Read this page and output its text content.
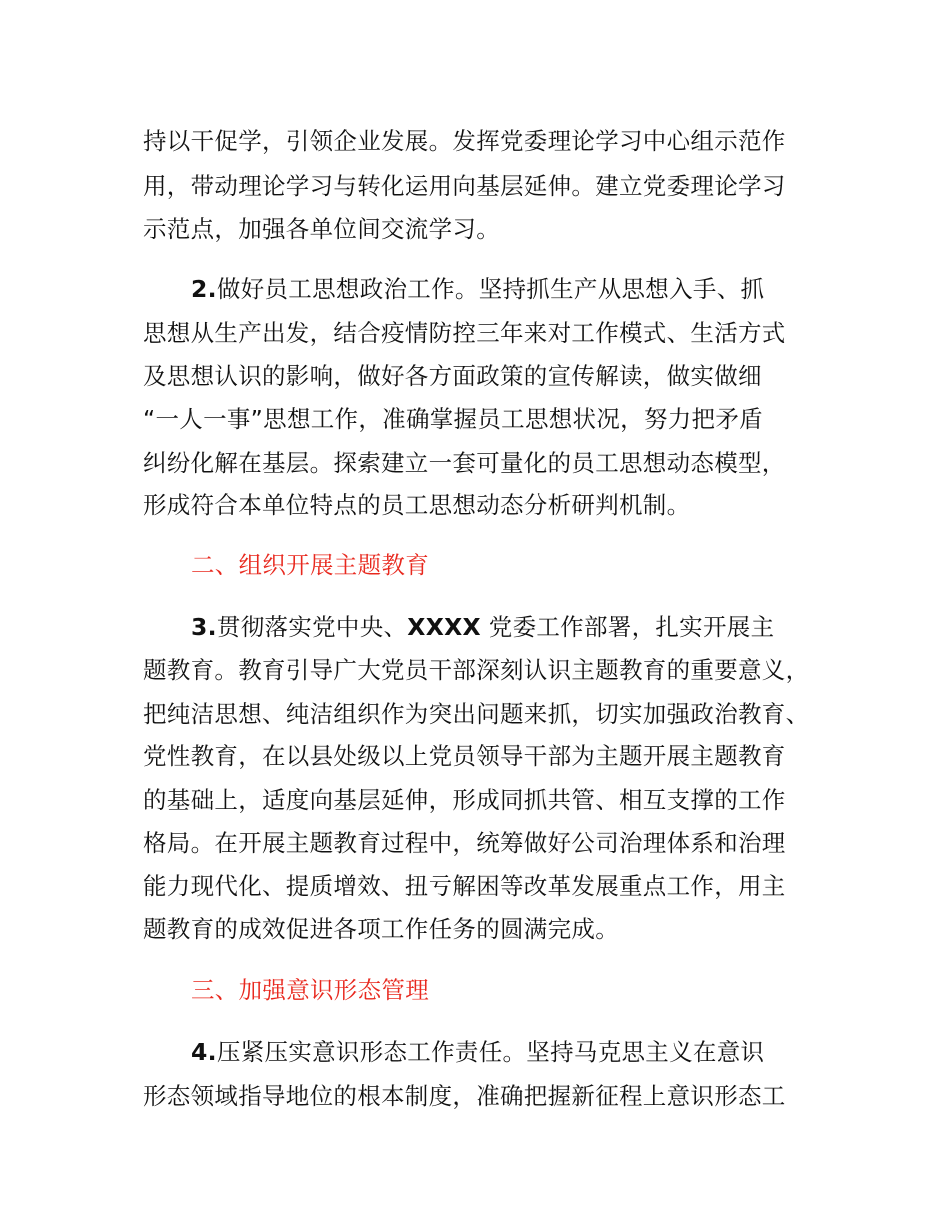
持以干促学，引领企业发展。发挥党委理论学习中心组示范作
用，带动理论学习与转化运用向基层延伸。建立党委理论学习
示范点，加强各单位间交流学习。
2.做好员工思想政治工作。坚持抓生产从思想入手、抓
思想从生产出发，结合疫情防控三年来对工作模式、生活方式
及思想认识的影响，做好各方面政策的宣传解读，做实做细
“一人一事”思想工作，准确掌握员工思想状况，努力把矛盾
纠纷化解在基层。探索建立一套可量化的员工思想动态模型，
形成符合本单位特点的员工思想动态分析研判机制。
二、组织开展主题教育
3.贯彻落实党中央、XXXX 党委工作部署，扎实开展主
题教育。教育引导广大党员干部深刻认识主题教育的重要意义，
把纯洁思想、纯洁组织作为突出问题来抓，切实加强政治教育、
党性教育，在以县处级以上党员领导干部为主题开展主题教育
的基础上，适度向基层延伸，形成同抓共管、相互支撑的工作
格局。在开展主题教育过程中，统筹做好公司治理体系和治理
能力现代化、提质增效、扭亏解困等改革发展重点工作，用主
题教育的成效促进各项工作任务的圆满完成。
三、加强意识形态管理
4.压紧压实意识形态工作责任。坚持马克思主义在意识
形态领域指导地位的根本制度，准确把握新征程上意识形态工
